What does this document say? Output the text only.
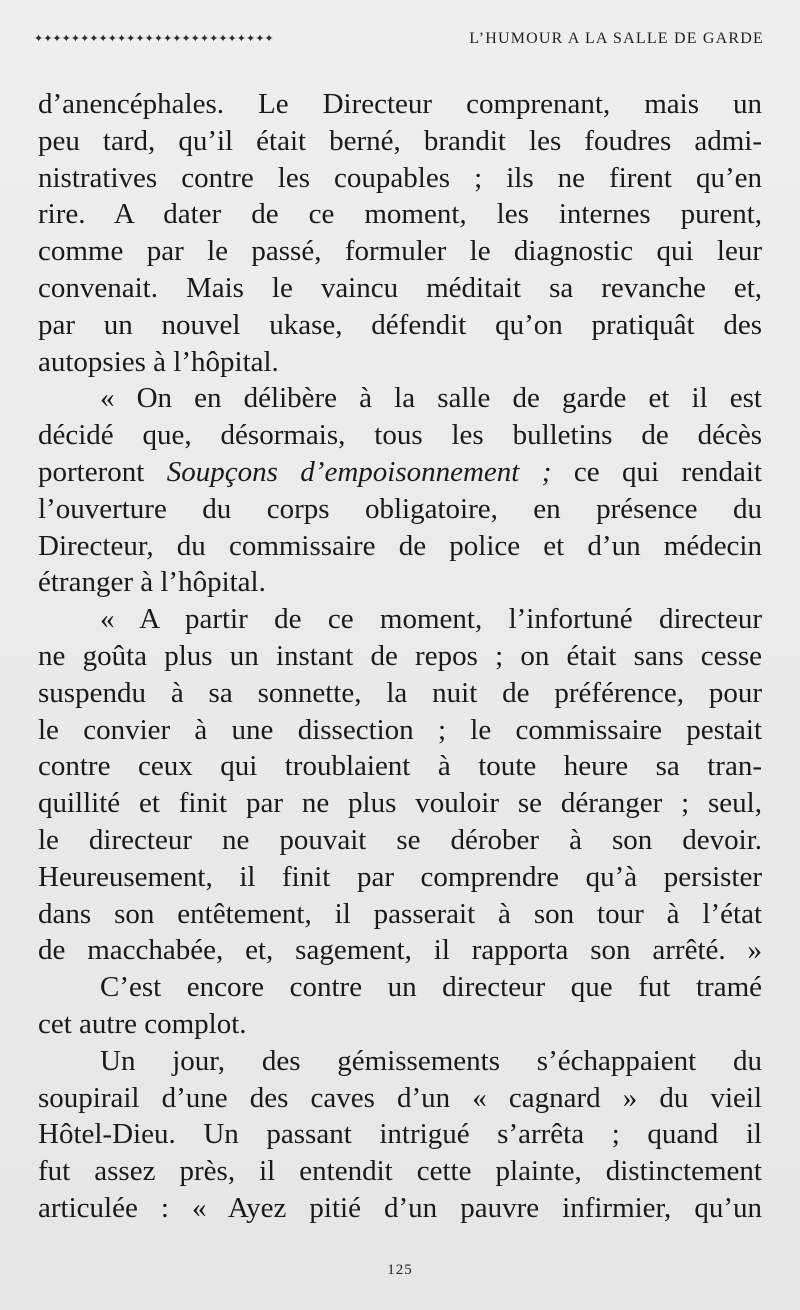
✦✦✦✦✦✦✦✦✦✦✦✦✦✦✦✦✦✦✦✦✦✦✦✦✦✦	L’HUMOUR A LA SALLE DE GARDE
d’anencéphales. Le Directeur comprenant, mais un
peu tard, qu’il était berné, brandit les foudres admi-
nistratives contre les coupables ; ils ne firent qu’en
rire. A dater de ce moment, les internes purent,
comme par le passé, formuler le diagnostic qui leur
convenait. Mais le vaincu méditait sa revanche et,
par un nouvel ukase, défendit qu’on pratiquât des
autopsies à l’hôpital.
« On en délibère à la salle de garde et il est
décidé que, désormais, tous les bulletins de décès
porteront Soupçons d’empoisonnement ; ce qui rendait
l’ouverture du corps obligatoire, en présence du
Directeur, du commissaire de police et d’un médecin
étranger à l’hôpital.
« A partir de ce moment, l’infortuné directeur
ne goûta plus un instant de repos ; on était sans cesse
suspendu à sa sonnette, la nuit de préférence, pour
le convier à une dissection ; le commissaire pestait
contre ceux qui troublaient à toute heure sa tran-
quillité et finit par ne plus vouloir se déranger ; seul,
le directeur ne pouvait se dérober à son devoir.
Heureusement, il finit par comprendre qu’à persister
dans son entêtement, il passerait à son tour à l’état
de macchabée, et, sagement, il rapporta son arrêté. »
C’est encore contre un directeur que fut tramé
cet autre complot.
Un jour, des gémissements s’échappaient du
soupirail d’une des caves d’un « cagnard » du vieil
Hôtel-Dieu. Un passant intrigué s’arrêta ; quand il
fut assez près, il entendit cette plainte, distinctement
articulée : « Ayez pitié d’un pauvre infirmier, qu’un
125
